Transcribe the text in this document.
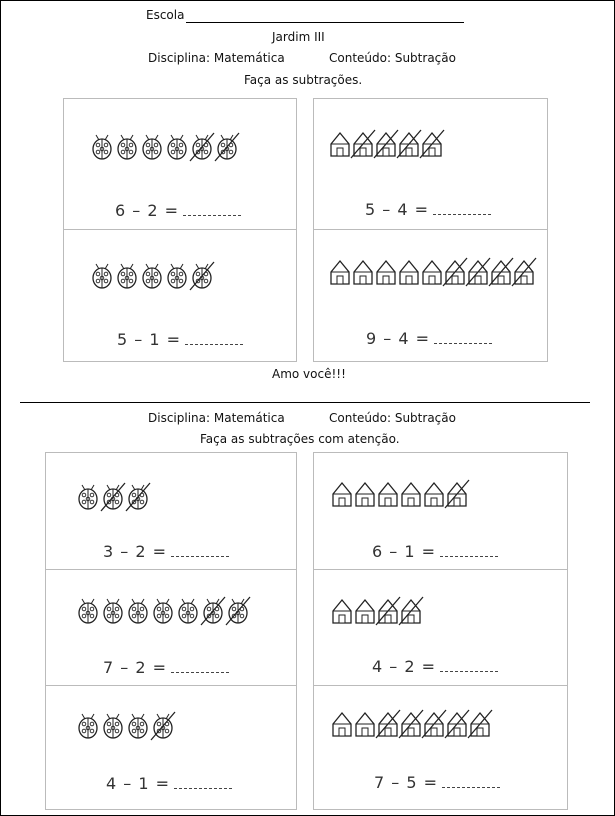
Escola
Jardim III
Disciplina: Matemática	Conteúdo: Subtração
Faça as subtrações.
Amo você!!!
Disciplina: Matemática	Conteúdo: Subtração
Faça as subtrações com atenção.
6 – 2 =	5 – 4 =
5 – 1 =	9 – 4 =
3 – 2 =	6 – 1 =
7 – 2 =	4 – 2 =
4 – 1 =	7 – 5 =
